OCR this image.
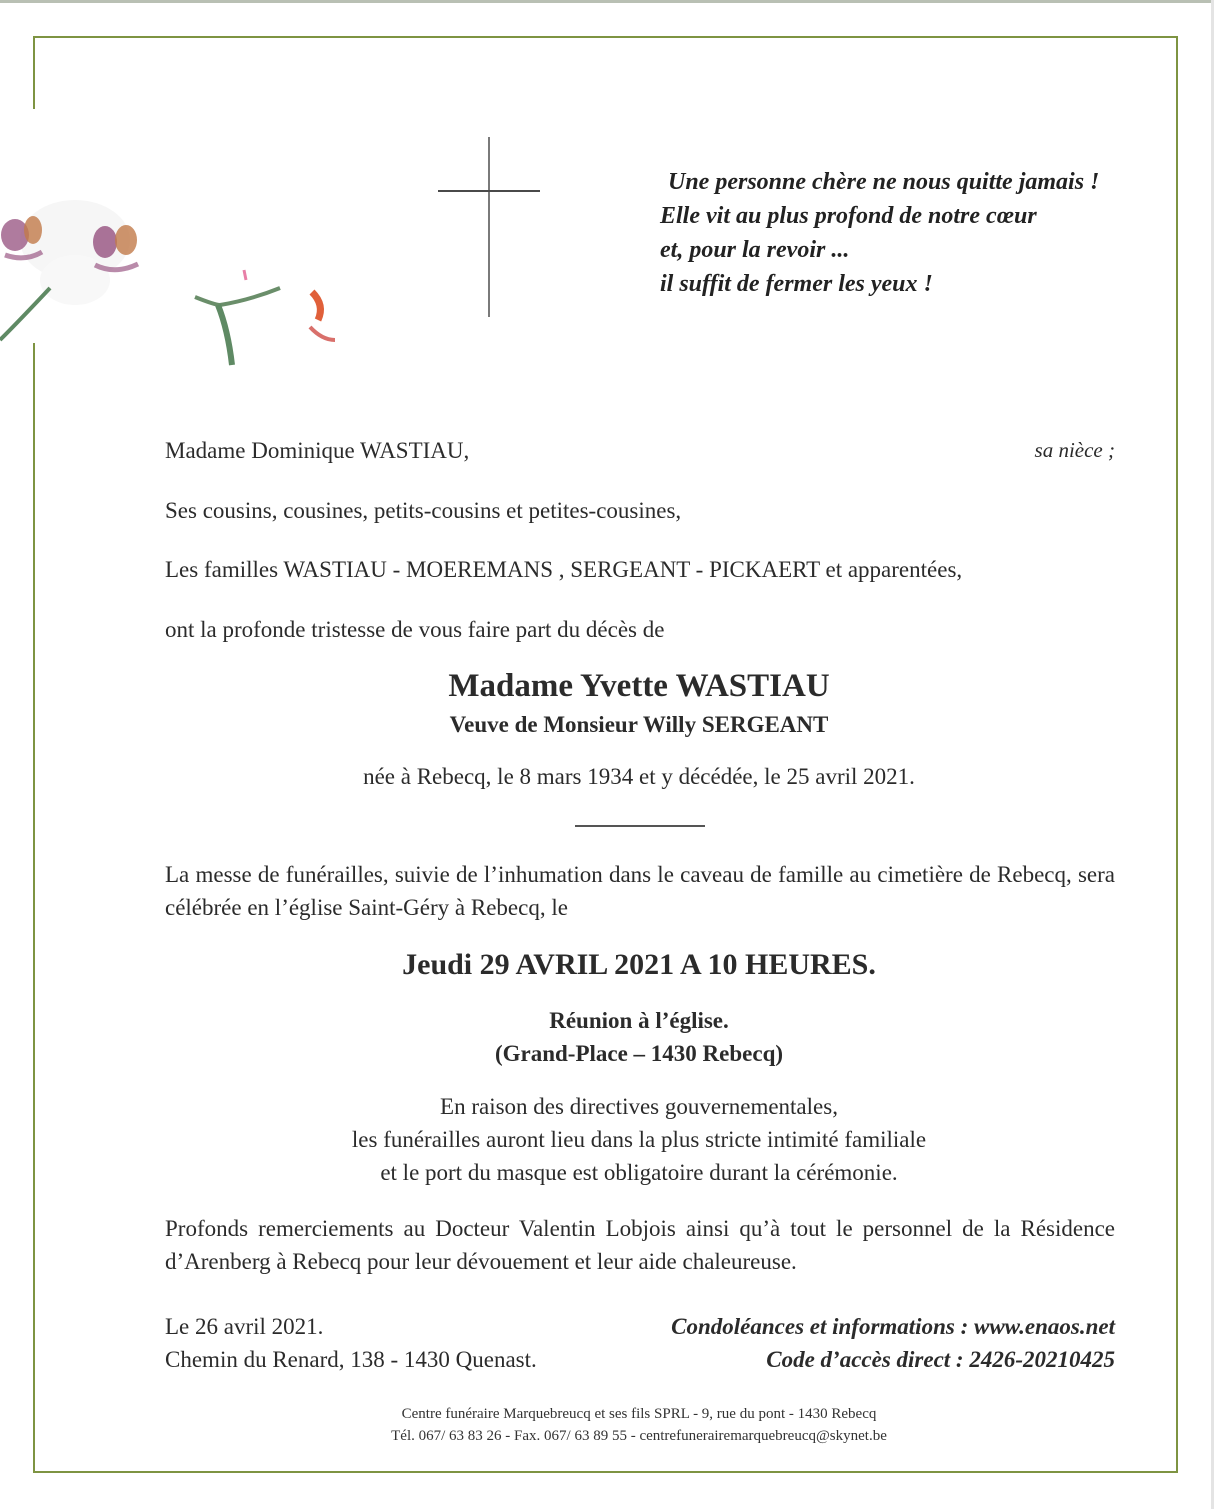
Une personne chère ne nous quitte jamais !
Elle vit au plus profond de notre cœur
et, pour la revoir ...
il suffit de fermer les yeux !
Madame Dominique WASTIAU,	sa nièce ;
Ses cousins, cousines, petits-cousins et petites-cousines,
Les familles WASTIAU - MOEREMANS , SERGEANT - PICKAERT et apparentées,
ont la profonde tristesse de vous faire part du décès de
Madame Yvette WASTIAU
Veuve de Monsieur Willy SERGEANT
née à Rebecq, le 8 mars 1934 et y décédée, le 25 avril 2021.
La messe de funérailles, suivie de l’inhumation dans le caveau de famille au cimetière de Rebecq, sera célébrée en l’église Saint-Géry à Rebecq, le
Jeudi 29 AVRIL 2021 A 10 HEURES.
Réunion à l’église.
(Grand-Place – 1430 Rebecq)
En raison des directives gouvernementales,
les funérailles auront lieu dans la plus stricte intimité familiale
et le port du masque est obligatoire durant la cérémonie.
Profonds remerciements au Docteur Valentin Lobjois ainsi qu’à tout le personnel de la Résidence d’Arenberg à Rebecq pour leur dévouement et leur aide chaleureuse.
Le 26 avril 2021.
Chemin du Renard, 138 - 1430 Quenast.
Condoléances et informations : www.enaos.net
Code d’accès direct : 2426-20210425
Centre funéraire Marquebreucq et ses fils SPRL - 9, rue du pont - 1430 Rebecq
Tél. 067/ 63 83 26 - Fax. 067/ 63 89 55 - centrefunerairemarquebreucq@skynet.be
